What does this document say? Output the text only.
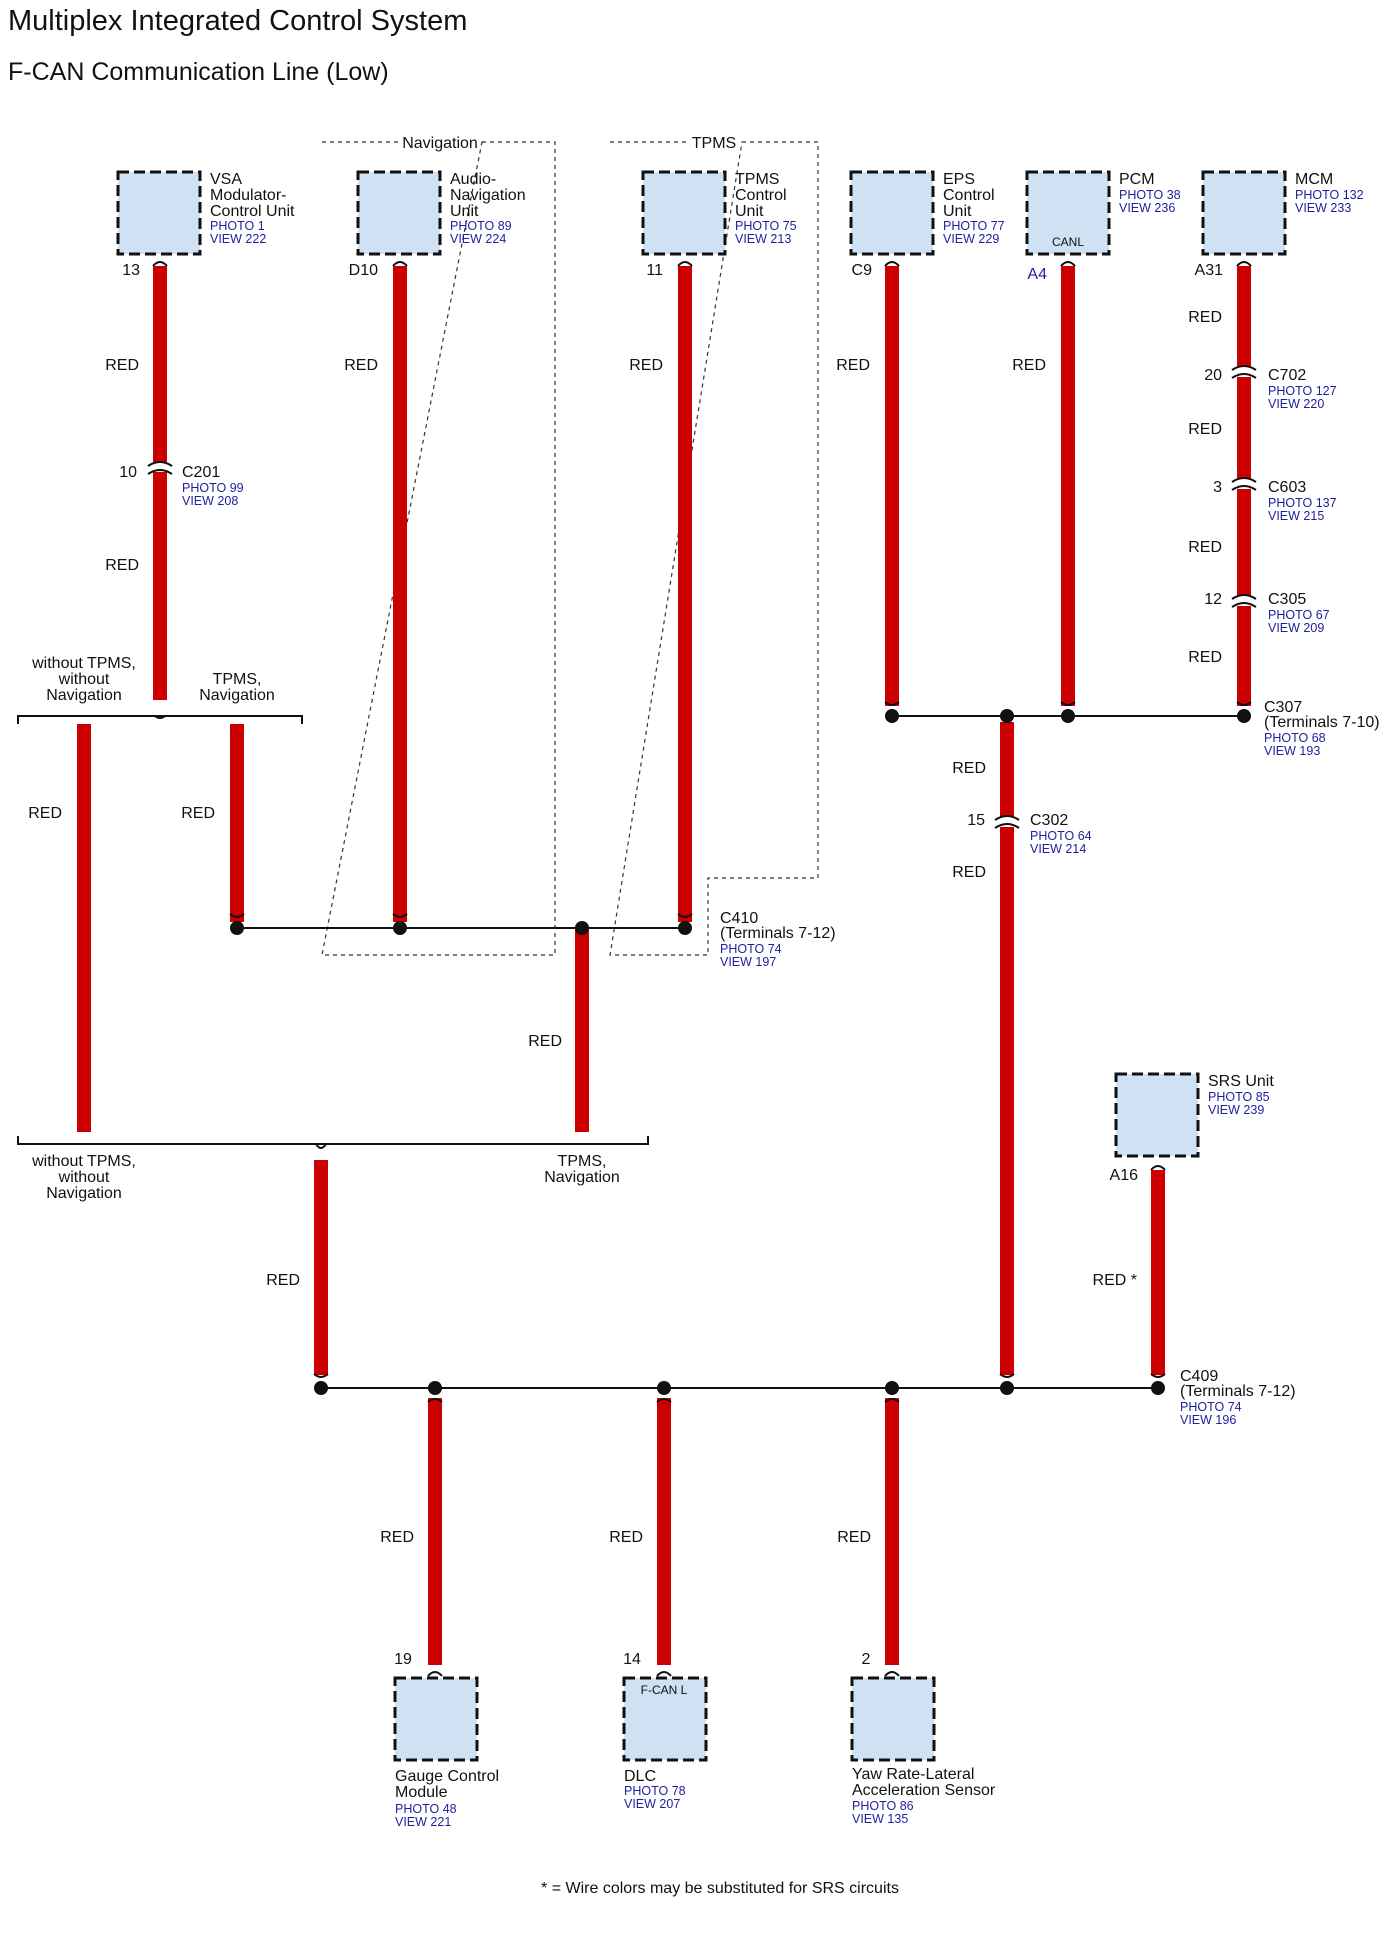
Multiplex Integrated Control System
F-CAN Communication Line (Low)
Navigation	TPMS
VSA Modulator-Control Unit
PHOTO 1
VIEW 222
13
Audio-Navigation Unit
PHOTO 89
VIEW 224
D10
TPMS Control Unit
PHOTO 75
VIEW 213
11
EPS Control Unit
PHOTO 77
VIEW 229
C9
CANL
PCM
PHOTO 38
VIEW 236
A4
MCM
PHOTO 132
VIEW 233
A31
SRS Unit
PHOTO 85
VIEW 239
A16
19
Gauge Control Module
PHOTO 48
VIEW 221
F-CAN L
14
DLC
PHOTO 78
VIEW 207
2
Yaw Rate-Lateral Acceleration Sensor
PHOTO 86
VIEW 135
10	C201
PHOTO 99
VIEW 208
20	C702
PHOTO 127
VIEW 220
3	C603
PHOTO 137
VIEW 215
12	C305
PHOTO 67
VIEW 209
C307
(Terminals 7-10)
PHOTO 68
VIEW 193
15	C302
PHOTO 64
VIEW 214
C410
(Terminals 7-12)
PHOTO 74
VIEW 197
C409
(Terminals 7-12)
PHOTO 74
VIEW 196
without TPMS, without Navigation
TPMS, Navigation
without TPMS, without Navigation
TPMS, Navigation
RED
RED
RED	RED
RED	RED	RED	RED
RED
RED
RED
RED
RED
RED
RED
RED	RED *
RED	RED	RED
* = Wire colors may be substituted for SRS circuits
